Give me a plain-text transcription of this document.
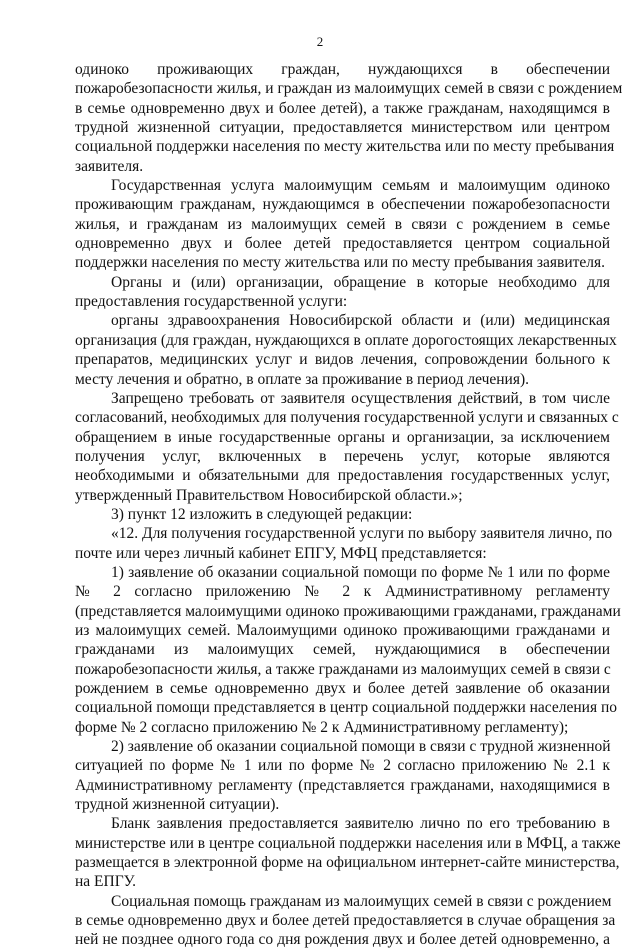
2
одиноко проживающих граждан, нуждающихся в обеспечении
пожаробезопасности жилья, и граждан из малоимущих семей в связи с рождением
в семье одновременно двух и более детей), а также гражданам, находящимся в
трудной жизненной ситуации, предоставляется министерством или центром
социальной поддержки населения по месту жительства или по месту пребывания
заявителя.
Государственная услуга малоимущим семьям и малоимущим одиноко
проживающим гражданам, нуждающимся в обеспечении пожаробезопасности
жилья, и гражданам из малоимущих семей в связи с рождением в семье
одновременно двух и более детей предоставляется центром социальной
поддержки населения по месту жительства или по месту пребывания заявителя.
Органы и (или) организации, обращение в которые необходимо для
предоставления государственной услуги:
органы здравоохранения Новосибирской области и (или) медицинская
организация (для граждан, нуждающихся в оплате дорогостоящих лекарственных
препаратов, медицинских услуг и видов лечения, сопровождении больного к
месту лечения и обратно, в оплате за проживание в период лечения).
Запрещено требовать от заявителя осуществления действий, в том числе
согласований, необходимых для получения государственной услуги и связанных с
обращением в иные государственные органы и организации, за исключением
получения услуг, включенных в перечень услуг, которые являются
необходимыми и обязательными для предоставления государственных услуг,
утвержденный Правительством Новосибирской области.»;
3) пункт 12 изложить в следующей редакции:
«12. Для получения государственной услуги по выбору заявителя лично, по
почте или через личный кабинет ЕПГУ, МФЦ представляется:
1) заявление об оказании социальной помощи по форме № 1 или по форме
№ 2 согласно приложению № 2 к Административному регламенту
(представляется малоимущими одиноко проживающими гражданами, гражданами
из малоимущих семей. Малоимущими одиноко проживающими гражданами и
гражданами из малоимущих семей, нуждающимися в обеспечении
пожаробезопасности жилья, а также гражданами из малоимущих семей в связи с
рождением в семье одновременно двух и более детей заявление об оказании
социальной помощи представляется в центр социальной поддержки населения по
форме № 2 согласно приложению № 2 к Административному регламенту);
2) заявление об оказании социальной помощи в связи с трудной жизненной
ситуацией по форме № 1 или по форме № 2 согласно приложению № 2.1 к
Административному регламенту (представляется гражданами, находящимися в
трудной жизненной ситуации).
Бланк заявления предоставляется заявителю лично по его требованию в
министерстве или в центре социальной поддержки населения или в МФЦ, а также
размещается в электронной форме на официальном интернет-сайте министерства,
на ЕПГУ.
Социальная помощь гражданам из малоимущих семей в связи с рождением
в семье одновременно двух и более детей предоставляется в случае обращения за
ней не позднее одного года со дня рождения двух и более детей одновременно, а
